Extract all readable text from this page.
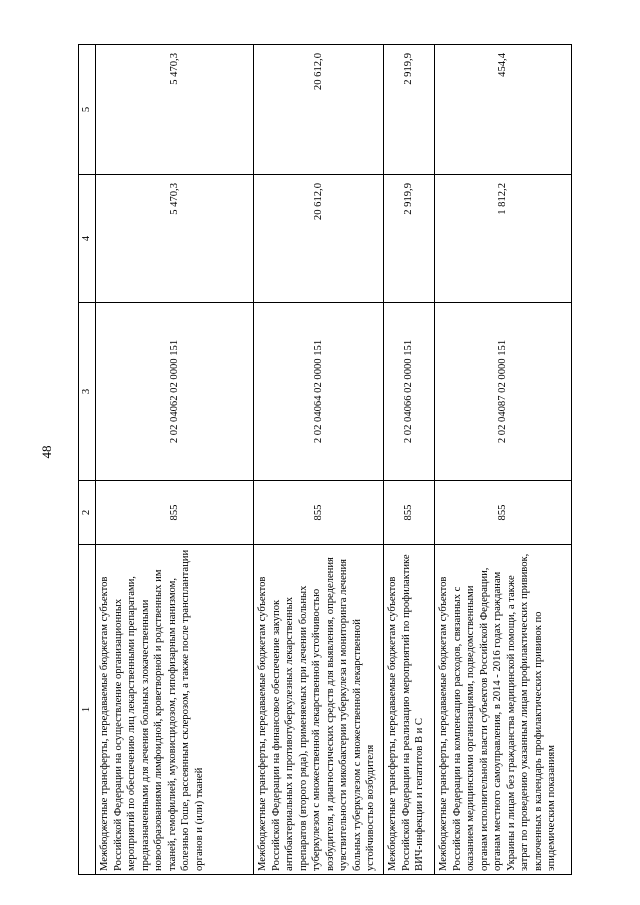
48
1	2	3	4	5
Межбюджетные трансферты, передаваемые бюджетам субъектов Российской Федерации на осуществление организационных мероприятий по обеспечению лиц лекарственными препаратами, предназначенными для лечения больных злокачественными новообразованиями лимфоидной, кроветворной и родственных им тканей, гемофилией, муковисцидозом, гипофизарным нанизмом, болезнью Гоше, рассеянным склерозом, а также после трансплантации органов и (или) тканей	855	2 02 04062 02 0000 151	5 470,3	5 470,3
Межбюджетные трансферты, передаваемые бюджетам субъектов Российской Федерации на финансовое обеспечение закупок антибактериальных и противотуберкулезных лекарственных препаратов (второго ряда), применяемых при лечении больных туберкулезом с множественной лекарственной устойчивостью возбудителя, и диагностических средств для выявления, определения чувствительности микобактерии туберкулеза и мониторинга лечения больных туберкулезом с множественной лекарственной устойчивостью возбудителя	855	2 02 04064 02 0000 151	20 612,0	20 612,0
Межбюджетные трансферты, передаваемые бюджетам субъектов Российской Федерации на реализацию мероприятий по профилактике ВИЧ-инфекции и гепатитов B и C	855	2 02 04066 02 0000 151	2 919,9	2 919,9
Межбюджетные трансферты, передаваемые бюджетам субъектов Российской Федерации на компенсацию расходов, связанных с оказанием медицинскими организациями, подведомственными органам исполнительной власти субъектов Российской Федерации, органам местного самоуправления, в 2014 - 2016 годах гражданам Украины и лицам без гражданства медицинской помощи, а также затрат по проведению указанным лицам профилактических прививок, включенных в календарь профилактических прививок по эпидемическим показаниям	855	2 02 04087 02 0000 151	1 812,2	454,4
